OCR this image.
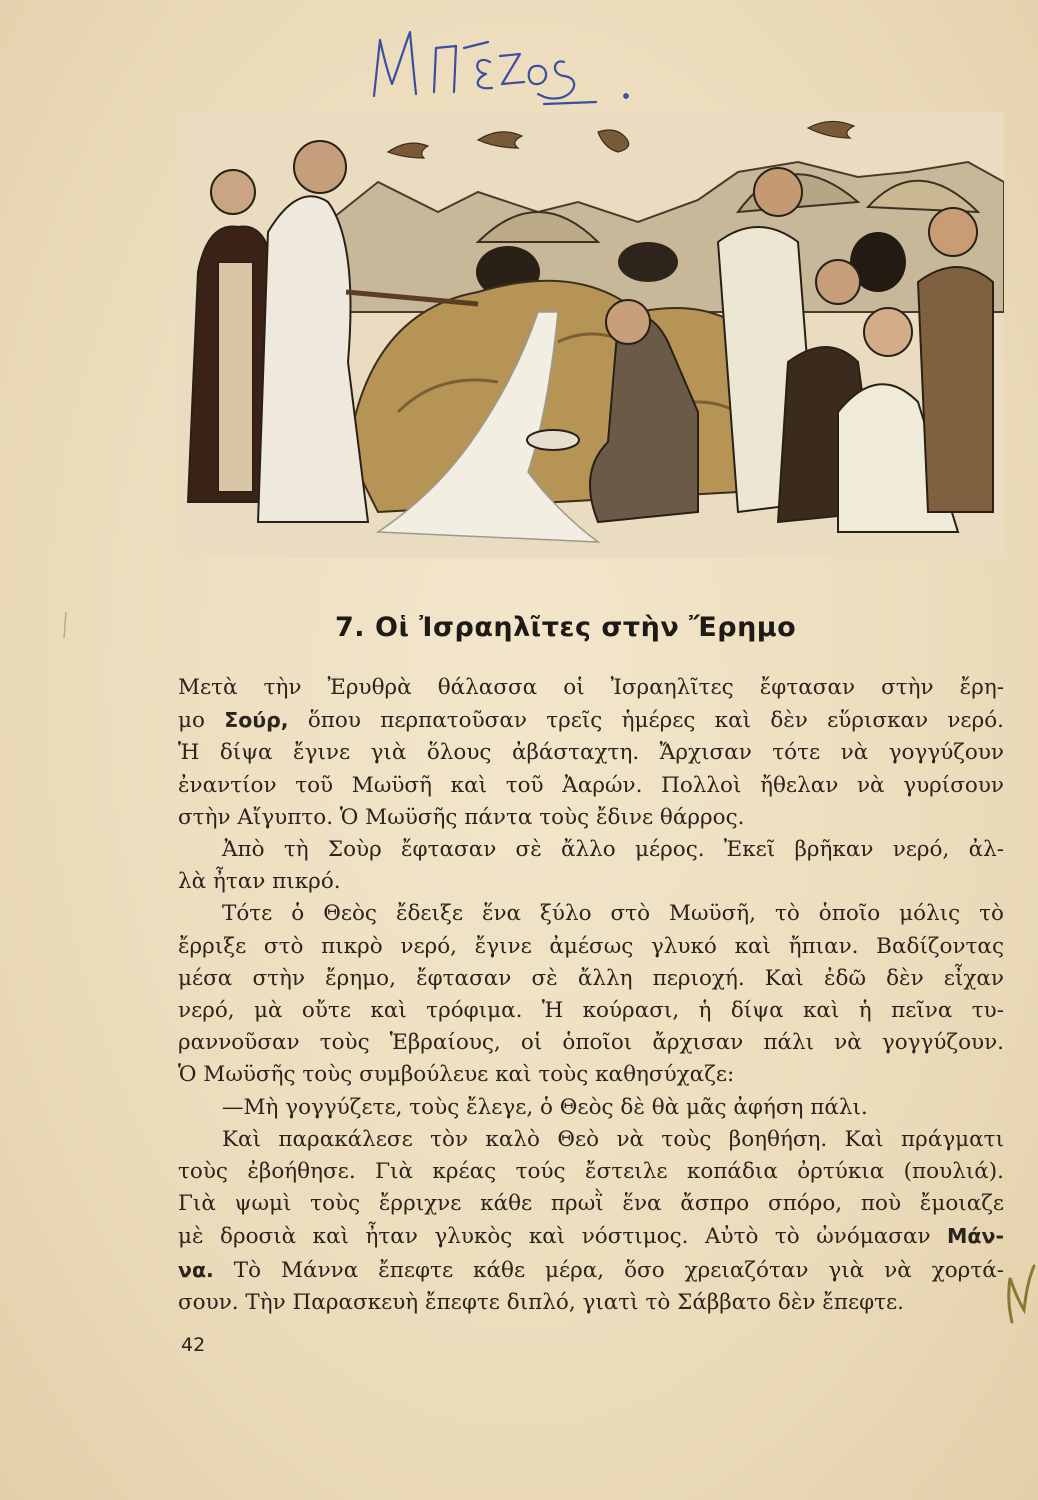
7. Οἱ Ἰσραηλῖτες στὴν Ἔρημο

Μετὰ τὴν Ἐρυθρὰ θάλασσα οἱ Ἰσραηλῖτες ἔφτασαν στὴν ἔρη-

μο Σούρ, ὅπου περπατοῦσαν τρεῖς ἡμέρες καὶ δὲν εὕρισκαν νερό.

Ἡ δίψα ἔγινε γιὰ ὅλους ἀβάσταχτη. Ἄρχισαν τότε νὰ γογγύζουν

ἐναντίον τοῦ Μωϋσῆ καὶ τοῦ Ἀαρών. Πολλοὶ ἤθελαν νὰ γυρίσουν

στὴν Αἴγυπτο. Ὁ Μωϋσῆς πάντα τοὺς ἔδινε θάρρος.

Ἀπὸ τὴ Σοὺρ ἔφτασαν σὲ ἄλλο μέρος. Ἐκεῖ βρῆκαν νερό, ἀλ-

λὰ ἦταν πικρό.

Τότε ὁ Θεὸς ἔδειξε ἕνα ξύλο στὸ Μωϋσῆ, τὸ ὁποῖο μόλις τὸ

ἔρριξε στὸ πικρὸ νερό, ἔγινε ἀμέσως γλυκό καὶ ἤπιαν. Βαδίζοντας

μέσα στὴν ἔρημο, ἔφτασαν σὲ ἄλλη περιοχή. Καὶ ἐδῶ δὲν εἶχαν

νερό, μὰ οὔτε καὶ τρόφιμα. Ἡ κούρασι, ἡ δίψα καὶ ἡ πεῖνα τυ-

ραννοῦσαν τοὺς Ἑβραίους, οἱ ὁποῖοι ἄρχισαν πάλι νὰ γογγύζουν.

Ὁ Μωϋσῆς τοὺς συμβούλευε καὶ τοὺς καθησύχαζε:

—Μὴ γογγύζετε, τοὺς ἔλεγε, ὁ Θεὸς δὲ θὰ μᾶς ἀφήση πάλι.

Καὶ παρακάλεσε τὸν καλὸ Θεὸ νὰ τοὺς βοηθήση. Καὶ πράγματι

τοὺς ἐβοήθησε. Γιὰ κρέας τούς ἔστειλε κοπάδια ὀρτύκια (πουλιά).

Γιὰ ψωμὶ τοὺς ἔρριχνε κάθε πρωῒ ἕνα ἄσπρο σπόρο, ποὺ ἔμοιαζε

μὲ δροσιὰ καὶ ἦταν γλυκὸς καὶ νόστιμος. Αὐτὸ τὸ ὠνόμασαν Μάν-

να. Τὸ Μάννα ἔπεφτε κάθε μέρα, ὅσο χρειαζόταν γιὰ νὰ χορτά-

σουν. Τὴν Παρασκευὴ ἔπεφτε διπλό, γιατὶ τὸ Σάββατο δὲν ἔπεφτε.

42
